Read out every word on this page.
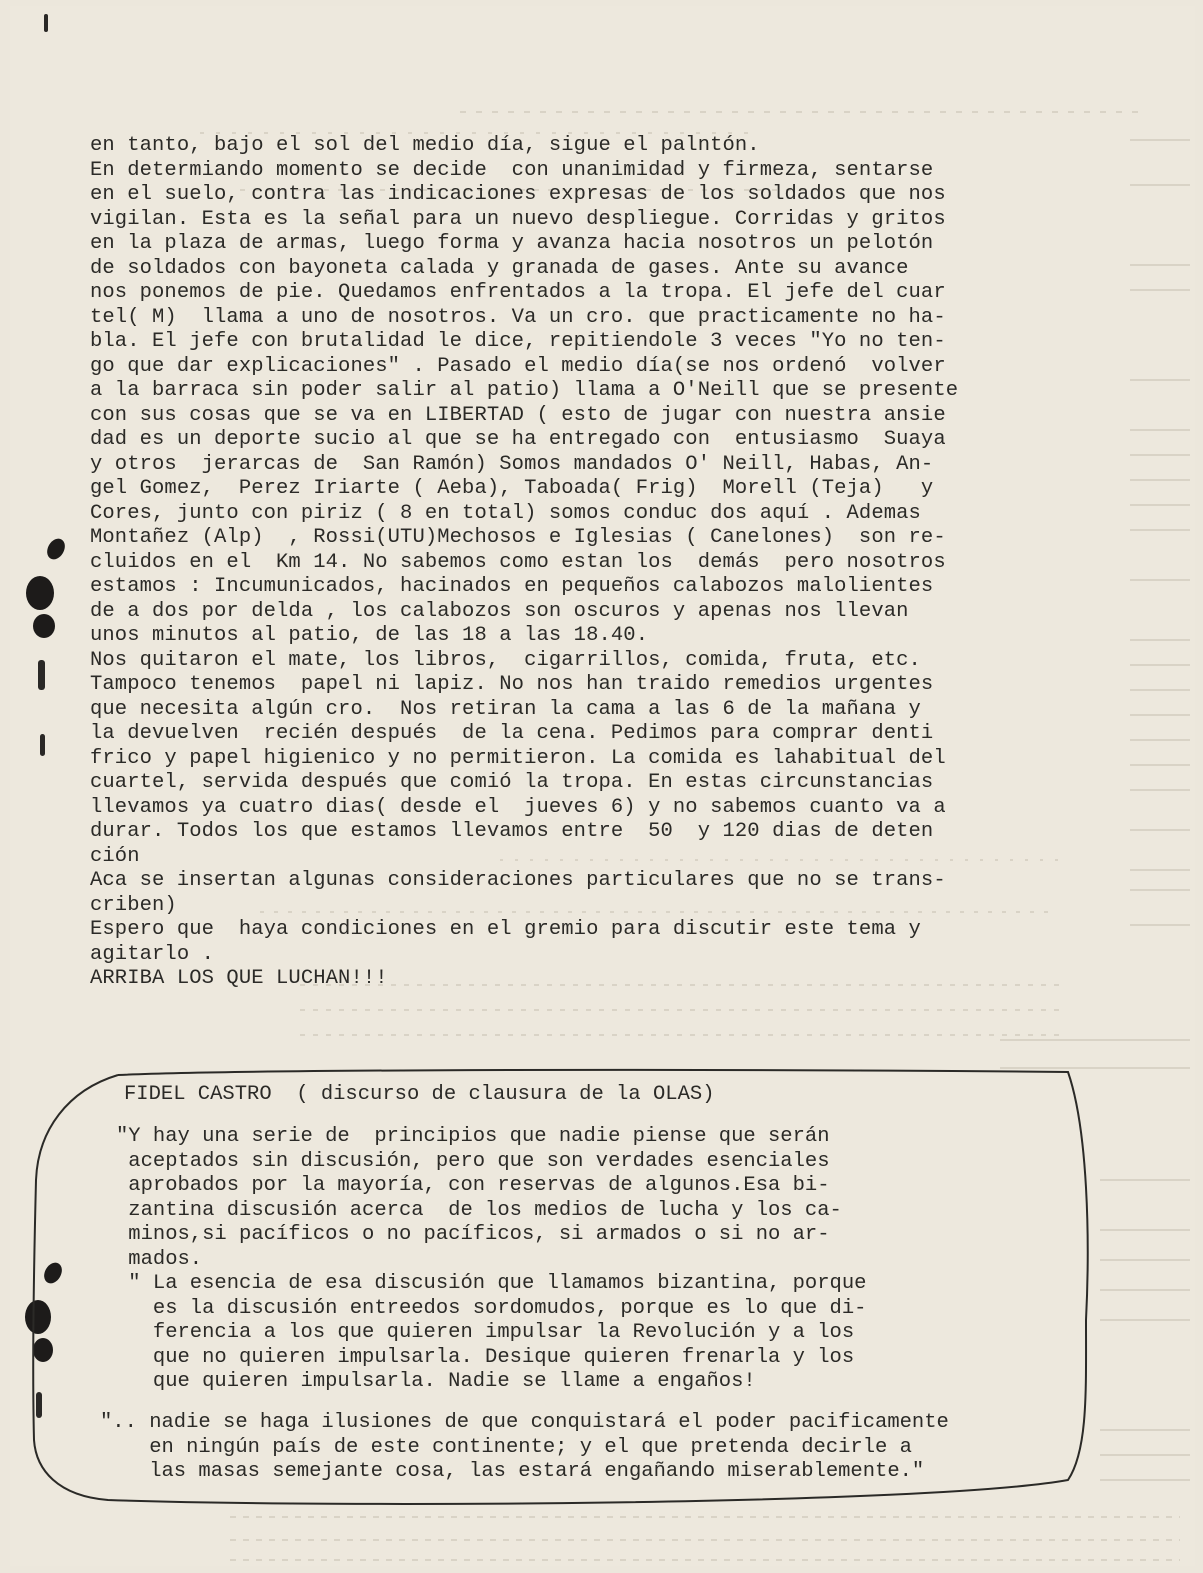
en tanto, bajo el sol del medio día, sigue el palntón.
En determiando momento se decide  con unanimidad y firmeza, sentarse
en el suelo, contra las indicaciones expresas de los soldados que nos
vigilan. Esta es la señal para un nuevo despliegue. Corridas y gritos
en la plaza de armas, luego forma y avanza hacia nosotros un pelotón
de soldados con bayoneta calada y granada de gases. Ante su avance
nos ponemos de pie. Quedamos enfrentados a la tropa. El jefe del cuar
tel( M)  llama a uno de nosotros. Va un cro. que practicamente no ha-
bla. El jefe con brutalidad le dice, repitiendole 3 veces "Yo no ten-
go que dar explicaciones" . Pasado el medio día(se nos ordenó  volver
a la barraca sin poder salir al patio) llama a O'Neill que se presente
con sus cosas que se va en LIBERTAD ( esto de jugar con nuestra ansie
dad es un deporte sucio al que se ha entregado con  entusiasmo  Suaya
y otros  jerarcas de  San Ramón) Somos mandados O' Neill, Habas, An-
gel Gomez,  Perez Iriarte ( Aeba), Taboada( Frig)  Morell (Teja)   y
Cores, junto con piriz ( 8 en total) somos conduc dos aquí . Ademas
Montañez (Alp)  , Rossi(UTU)Mechosos e Iglesias ( Canelones)  son re-
cluidos en el  Km 14. No sabemos como estan los  demás  pero nosotros
estamos : Incumunicados, hacinados en pequeños calabozos malolientes
de a dos por delda , los calabozos son oscuros y apenas nos llevan
unos minutos al patio, de las 18 a las 18.40.
Nos quitaron el mate, los libros,  cigarrillos, comida, fruta, etc.
Tampoco tenemos  papel ni lapiz. No nos han traido remedios urgentes
que necesita algún cro.  Nos retiran la cama a las 6 de la mañana y
la devuelven  recién después  de la cena. Pedimos para comprar denti
frico y papel higienico y no permitieron. La comida es lahabitual del
cuartel, servida después que comió la tropa. En estas circunstancias
llevamos ya cuatro dias( desde el  jueves 6) y no sabemos cuanto va a
durar. Todos los que estamos llevamos entre  50  y 120 dias de deten
ción
Aca se insertan algunas consideraciones particulares que no se trans-
criben)
Espero que  haya condiciones en el gremio para discutir este tema y
agitarlo .
ARRIBA LOS QUE LUCHAN!!!
FIDEL CASTRO  ( discurso de clausura de la OLAS)
"Y hay una serie de  principios que nadie piense que serán
aceptados sin discusión, pero que son verdades esenciales
aprobados por la mayoría, con reservas de algunos.Esa bi-
zantina discusión acerca  de los medios de lucha y los ca-
minos,si pacíficos o no pacíficos, si armados o si no ar-
mados.
" La esencia de esa discusión que llamamos bizantina, porque
es la discusión entreedos sordomudos, porque es lo que di-
ferencia a los que quieren impulsar la Revolución y a los
que no quieren impulsarla. Desique quieren frenarla y los
que quieren impulsarla. Nadie se llame a engaños!
".. nadie se haga ilusiones de que conquistará el poder pacificamente
en ningún país de este continente; y el que pretenda decirle a
las masas semejante cosa, las estará engañando miserablemente."
